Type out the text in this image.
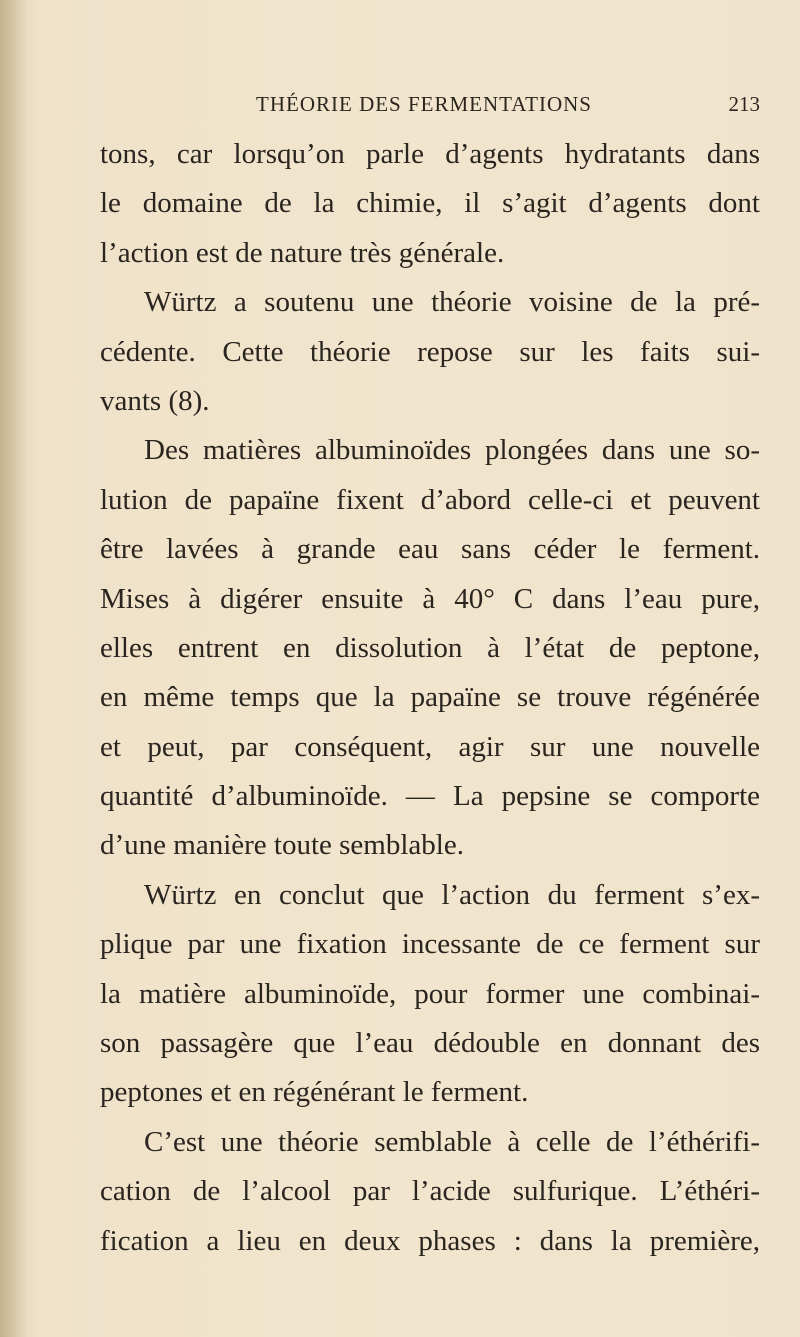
THÉORIE DES FERMENTATIONS	213
tons, car lorsqu’on parle d’agents hydratants dans
le domaine de la chimie, il s’agit d’agents dont
l’action est de nature très générale.
Würtz a soutenu une théorie voisine de la pré-
cédente. Cette théorie repose sur les faits sui-
vants (8).
Des matières albuminoïdes plongées dans une so-
lution de papaïne fixent d’abord celle-ci et peuvent
être lavées à grande eau sans céder le ferment.
Mises à digérer ensuite à 40° C dans l’eau pure,
elles entrent en dissolution à l’état de peptone,
en même temps que la papaïne se trouve régénérée
et peut, par conséquent, agir sur une nouvelle
quantité d’albuminoïde. — La pepsine se comporte
d’une manière toute semblable.
Würtz en conclut que l’action du ferment s’ex-
plique par une fixation incessante de ce ferment sur
la matière albuminoïde, pour former une combinai-
son passagère que l’eau dédouble en donnant des
peptones et en régénérant le ferment.
C’est une théorie semblable à celle de l’éthérifi-
cation de l’alcool par l’acide sulfurique. L’éthéri-
fication a lieu en deux phases : dans la première,
